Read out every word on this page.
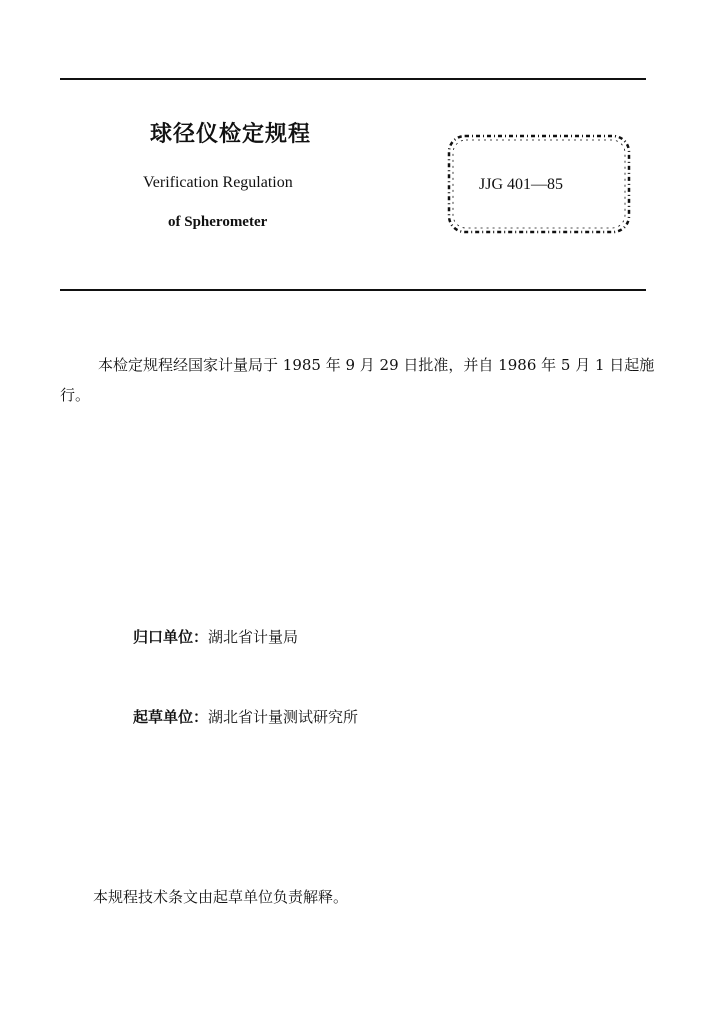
球径仪检定规程
Verification Regulation
of Spherometer
JJG 401—85

本检定规程经国家计量局于 1985 年 9 月 29 日批准，并自 1986 年 5 月 1 日起施行。

归口单位：湖北省计量局
起草单位：湖北省计量测试研究所
本规程技术条文由起草单位负责解释。
